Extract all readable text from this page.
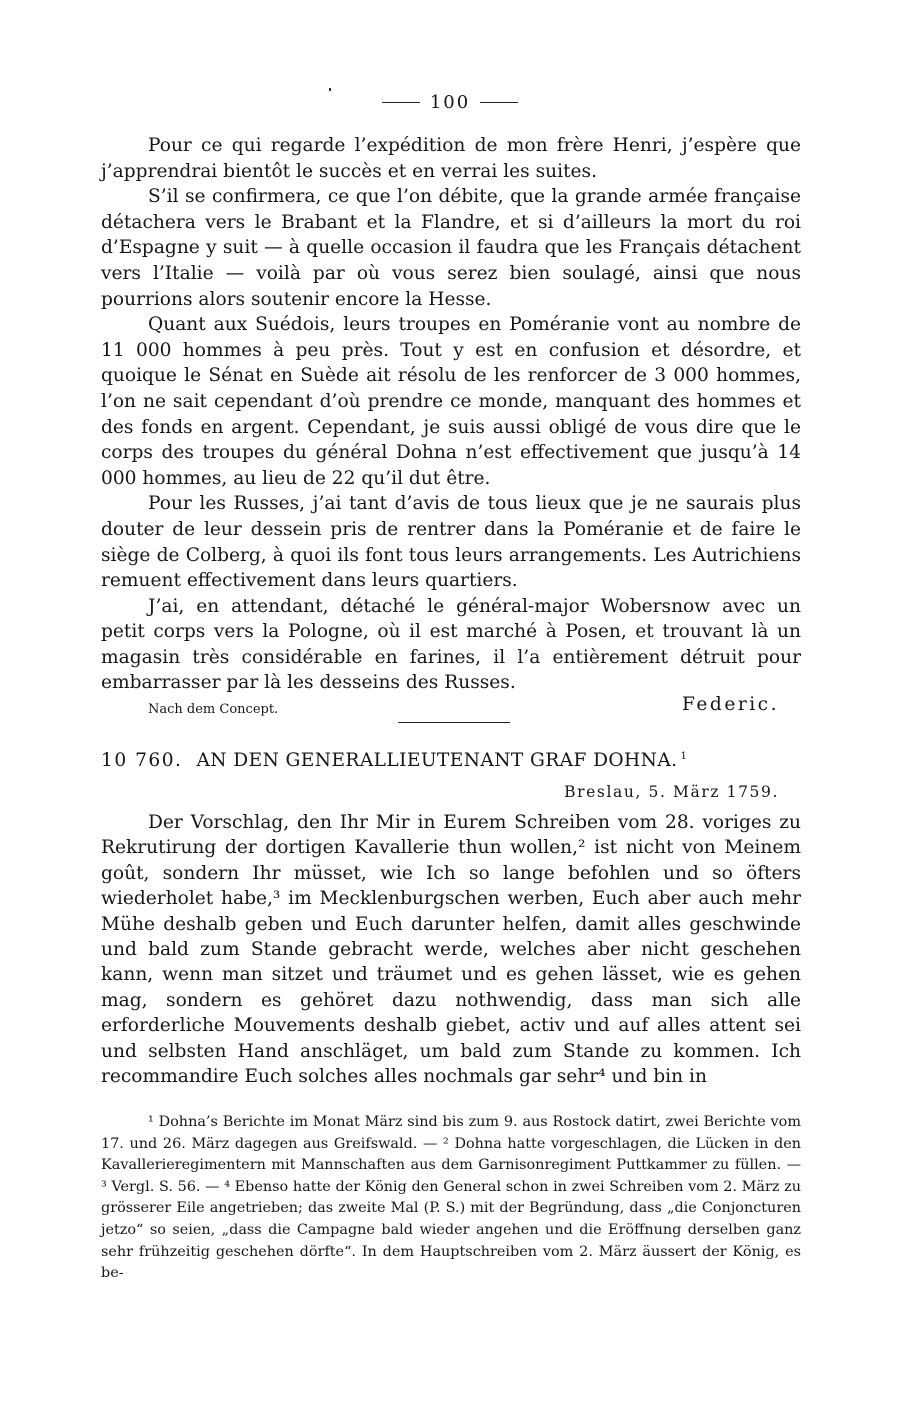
100

Pour ce qui regarde l’expédition de mon frère Henri, j’espère que j’apprendrai bientôt le succès et en verrai les suites.

S’il se confirmera, ce que l’on débite, que la grande armée française détachera vers le Brabant et la Flandre, et si d’ailleurs la mort du roi d’Espagne y suit — à quelle occasion il faudra que les Français détachent vers l’Italie — voilà par où vous serez bien soulagé, ainsi que nous pourrions alors soutenir encore la Hesse.

Quant aux Suédois, leurs troupes en Poméranie vont au nombre de 11 000 hommes à peu près. Tout y est en confusion et désordre, et quoique le Sénat en Suède ait résolu de les renforcer de 3 000 hommes, l’on ne sait cependant d’où prendre ce monde, manquant des hommes et des fonds en argent. Cependant, je suis aussi obligé de vous dire que le corps des troupes du général Dohna n’est effectivement que jusqu’à 14 000 hommes, au lieu de 22 qu’il dut être.

Pour les Russes, j’ai tant d’avis de tous lieux que je ne saurais plus douter de leur dessein pris de rentrer dans la Poméranie et de faire le siège de Colberg, à quoi ils font tous leurs arrangements. Les Autrichiens remuent effectivement dans leurs quartiers.

J’ai, en attendant, détaché le général-major Wobersnow avec un petit corps vers la Pologne, où il est marché à Posen, et trouvant là un magasin très considérable en farines, il l’a entièrement détruit pour embarrasser par là les desseins des Russes.

Nach dem Concept.	Federic.
10 760. AN DEN GENERALLIEUTENANT GRAF DOHNA. $^1$
Breslau, 5. März 1759.

Der Vorschlag, den Ihr Mir in Eurem Schreiben vom 28. voriges zu Rekrutirung der dortigen Kavallerie thun wollen,² ist nicht von Meinem goût, sondern Ihr müsset, wie Ich so lange befohlen und so öfters wiederholet habe,³ im Mecklenburgschen werben, Euch aber auch mehr Mühe deshalb geben und Euch darunter helfen, damit alles geschwinde und bald zum Stande gebracht werde, welches aber nicht geschehen kann, wenn man sitzet und träumet und es gehen lässet, wie es gehen mag, sondern es gehöret dazu nothwendig, dass man sich alle erforderliche Mouvements deshalb giebet, activ und auf alles attent sei und selbsten Hand anschläget, um bald zum Stande zu kommen. Ich recommandire Euch solches alles nochmals gar sehr⁴ und bin in

¹ Dohna’s Berichte im Monat März sind bis zum 9. aus Rostock datirt, zwei Berichte vom 17. und 26. März dagegen aus Greifswald. — ² Dohna hatte vorgeschlagen, die Lücken in den Kavallerieregimentern mit Mannschaften aus dem Garnisonregiment Puttkammer zu füllen. — ³ Vergl. S. 56. — ⁴ Ebenso hatte der König den General schon in zwei Schreiben vom 2. März zu grösserer Eile angetrieben; das zweite Mal (P. S.) mit der Begründung, dass „die Conjoncturen jetzo“ so seien, „dass die Campagne bald wieder angehen und die Eröffnung derselben ganz sehr frühzeitig geschehen dörfte“. In dem Hauptschreiben vom 2. März äussert der König, es be-
